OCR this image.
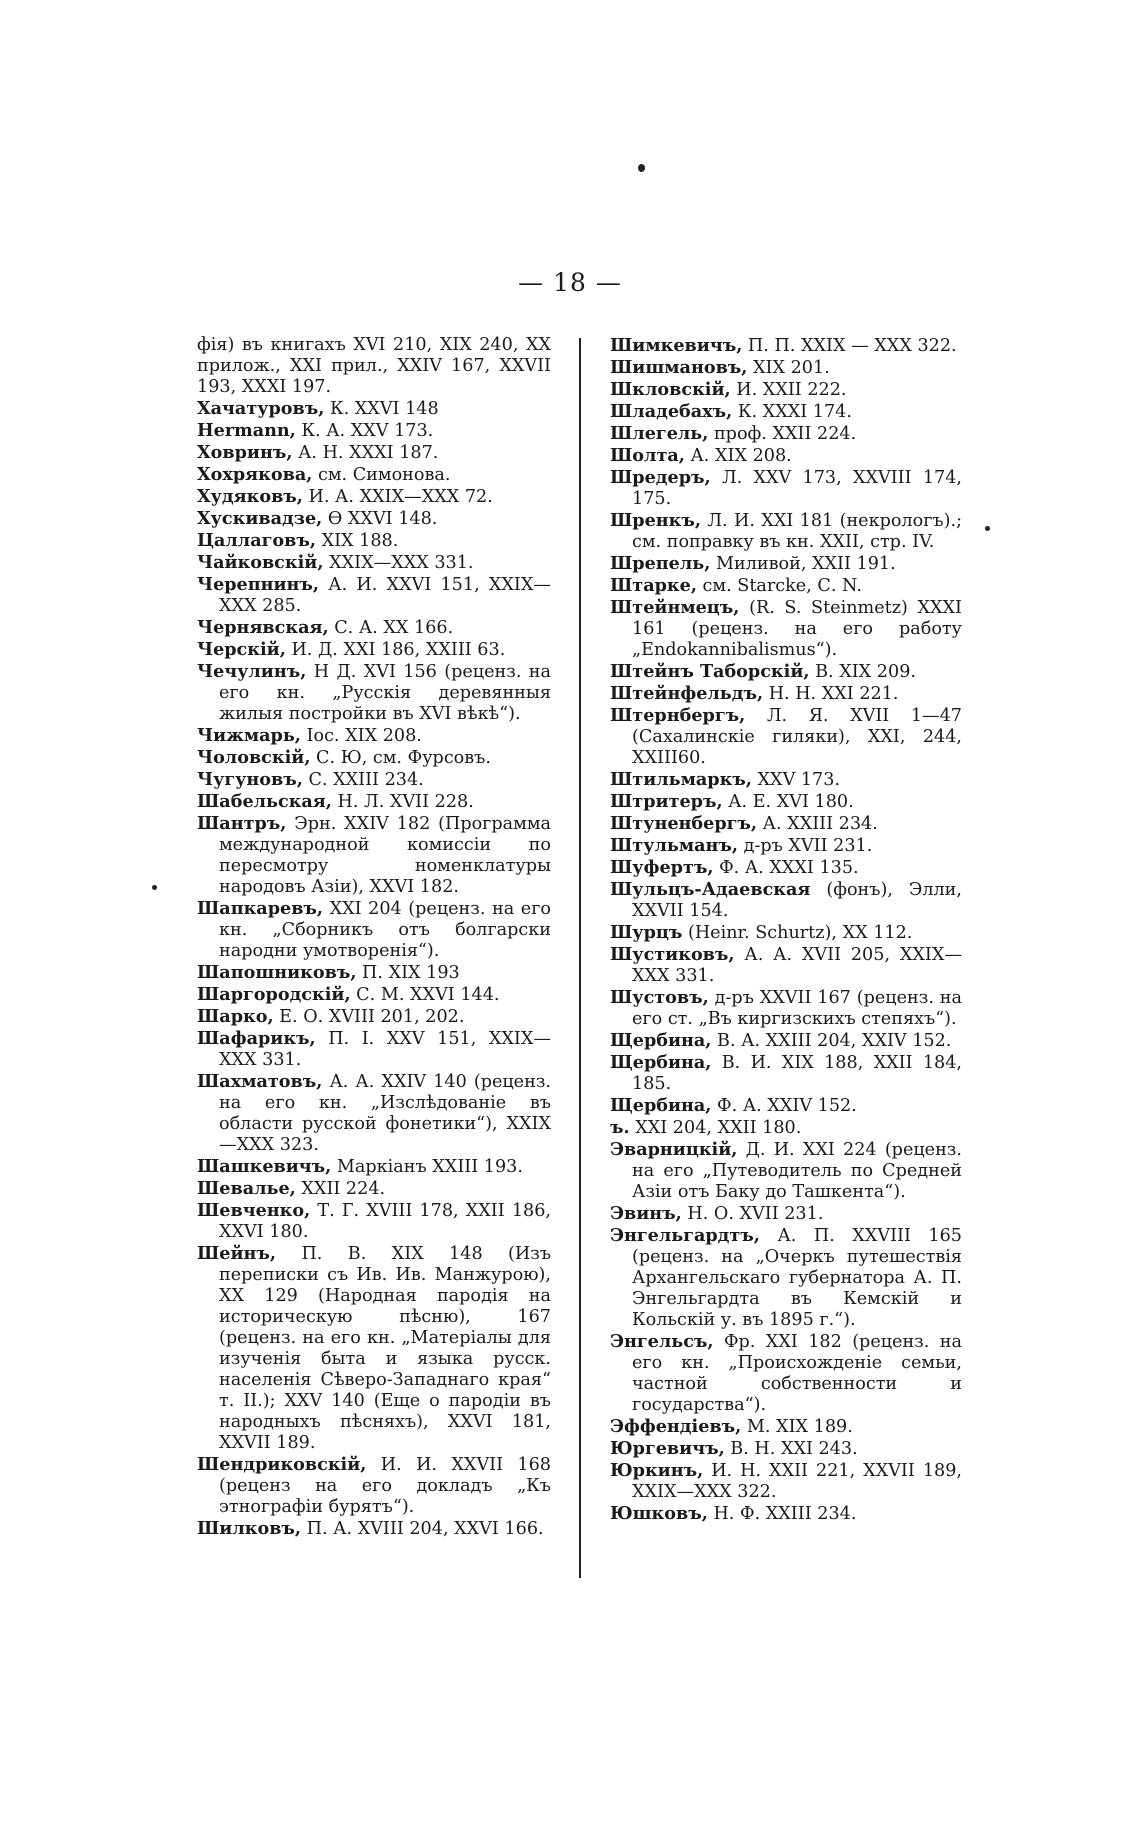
— 18 —

фія) въ книгахъ XVI 210, XIX 240, XX прилож., XXI прил., XXIV 167, XXVII 193, XXXI 197.

Хачатуровъ, К. XXVI 148

Hermann, К. А. XXV 173.

Ховринъ, А. Н. XXXI 187.

Хохрякова, см. Симонова.

Худяковъ, И. А. XXIX—XXX 72.

Хускивадзе, Ѳ XXVI 148.

Цаллаговъ, XIX 188.

Чайковскій, XXIX—XXX 331.

Черепнинъ, А. И. XXVI 151, XXIX—XXX 285.

Чернявская, С. А. XX 166.

Черскій, И. Д. XXI 186, XXIII 63.

Чечулинъ, Н Д. XVI 156 (реценз. на его кн. „Русскія деревянныя жилыя постройки въ XVI вѣкѣ“).

Чижмарь, Іос. XIX 208.

Чоловскій, С. Ю, см. Фурсовъ.

Чугуновъ, С. XXIII 234.

Шабельская, Н. Л. XVII 228.

Шантръ, Эрн. XXIV 182 (Программа международной комиссіи по пересмотру номенклатуры народовъ Азіи), XXVI 182.

Шапкаревъ, XXI 204 (реценз. на его кн. „Сборникъ отъ болгарски народни умотворенія“).

Шапошниковъ, П. XIX 193

Шаргородскій, С. М. XXVI 144.

Шарко, Е. О. XVIII 201, 202.

Шафарикъ, П. I. XXV 151, XXIX—XXX 331.

Шахматовъ, А. А. XXIV 140 (реценз. на его кн. „Изслѣдованіе въ области русской фонетики“), XXIX—XXX 323.

Шашкевичъ, Маркіанъ XXIII 193.

Шевалье, XXII 224.

Шевченко, Т. Г. XVIII 178, XXII 186, XXVI 180.

Шейнъ, П. В. XIX 148 (Изъ переписки съ Ив. Ив. Манжурою), XX 129 (Народная пародія на историческую пѣсню), 167 (реценз. на его кн. „Матеріалы для изученія быта и языка русск. населенія Сѣверо-Западнаго края“ т. II.); XXV 140 (Еще о пародіи въ народныхъ пѣсняхъ), XXVI 181, XXVII 189.

Шендриковскій, И. И. XXVII 168 (реценз на его докладъ „Къ этнографіи бурятъ“).

Шилковъ, П. А. XVIII 204, XXVI 166.

Шимкевичъ, П. П. XXIX — XXX 322.

Шишмановъ, XIX 201.

Шкловскій, И. XXII 222.

Шладебахъ, К. XXXI 174.

Шлегель, проф. XXII 224.

Шолта, А. XIX 208.

Шредеръ, Л. XXV 173, XXVIII 174, 175.

Шренкъ, Л. И. XXI 181 (некрологъ).; см. поправку въ кн. XXII, стр. IV.

Шрепель, Миливой, XXII 191.

Штарке, см. Starcke, С. N.

Штейнмецъ, (R. S. Steinmetz) XXXI 161 (реценз. на его работу „Endokannibalismus“).

Штейнъ Таборскій, В. XIX 209.

Штейнфельдъ, Н. Н. XXI 221.

Штернбергъ, Л. Я. XVII 1—47 (Сахалинскіе гиляки), XXI, 244, XXIII60.

Штильмаркъ, XXV 173.

Штритеръ, А. Е. XVI 180.

Штуненбергъ, А. XXIII 234.

Штульманъ, д-ръ XVII 231.

Шуфертъ, Ф. А. XXXI 135.

Шульцъ-Адаевская (фонъ), Элли, XXVII 154.

Шурцъ (Heinr. Schurtz), XX 112.

Шустиковъ, А. А. XVII 205, XXIX—XXX 331.

Шустовъ, д-ръ XXVII 167 (реценз. на его ст. „Въ киргизскихъ степяхъ“).

Щербина, В. А. XXIII 204, XXIV 152.

Щербина, В. И. XIX 188, XXII 184, 185.

Щербина, Ф. А. XXIV 152.

ъ. XXI 204, XXII 180.

Эварницкій, Д. И. XXI 224 (реценз. на его „Путеводитель по Средней Азіи отъ Баку до Ташкента“).

Эвинъ, Н. О. XVII 231.

Энгельгардтъ, А. П. XXVIII 165 (реценз. на „Очеркъ путешествія Архангельскаго губернатора А. П. Энгельгардта въ Кемскій и Кольскій у. въ 1895 г.“).

Энгельсъ, Фр. XXI 182 (реценз. на его кн. „Происхожденіе семьи, частной собственности и государства“).

Эффендіевъ, М. XIX 189.

Юргевичъ, В. Н. XXI 243.

Юркинъ, И. Н. XXII 221, XXVII 189, XXIX—XXX 322.

Юшковъ, Н. Ф. XXIII 234.
